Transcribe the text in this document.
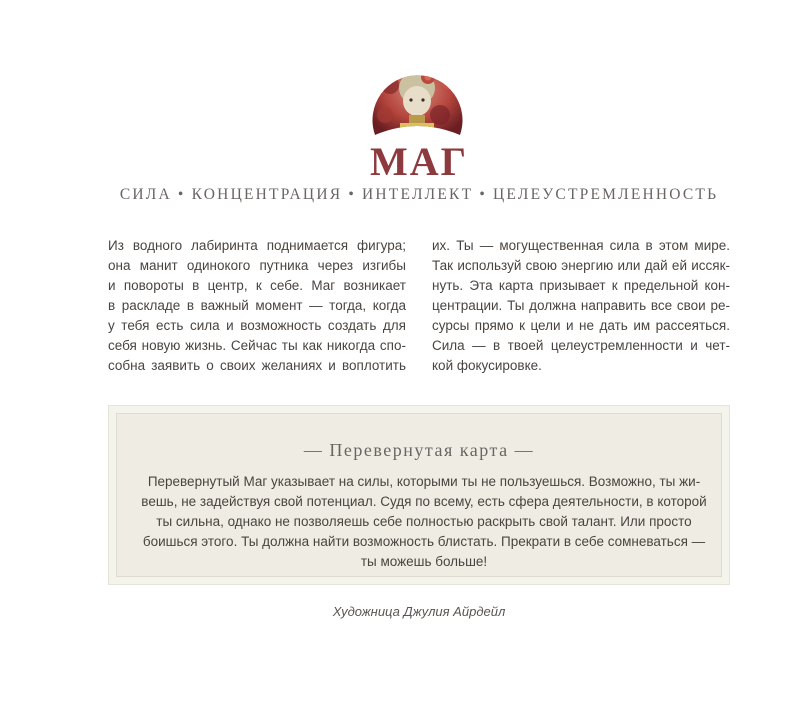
МАГ

СИЛА • КОНЦЕНТРАЦИЯ • ИНТЕЛЛЕКТ • ЦЕЛЕУСТРЕМЛЕННОСТЬ

Из водного лабиринта поднимается фигура;
она манит одинокого путника через изгибы
и повороты в центр, к себе. Маг возникает
в раскладе в важный момент — тогда, когда
у тебя есть сила и возможность создать для
себя новую жизнь. Сейчас ты как никогда спо-
собна заявить о своих желаниях и воплотить
их. Ты — могущественная сила в этом мире.
Так используй свою энергию или дай ей иссяк-
нуть. Эта карта призывает к предельной кон-
центрации. Ты должна направить все свои ре-
сурсы прямо к цели и не дать им рассеяться.
Сила — в твоей целеустремленности и чет-
кой фокусировке.

— Перевернутая карта —

Перевернутый Маг указывает на силы, которыми ты не пользуешься. Возможно, ты жи-
вешь, не задействуя свой потенциал. Судя по всему, есть сфера деятельности, в которой
ты сильна, однако не позволяешь себе полностью раскрыть свой талант. Или просто
боишься этого. Ты должна найти возможность блистать. Прекрати в себе сомневаться —
ты можешь больше!

Художница Джулия Айрдейл
